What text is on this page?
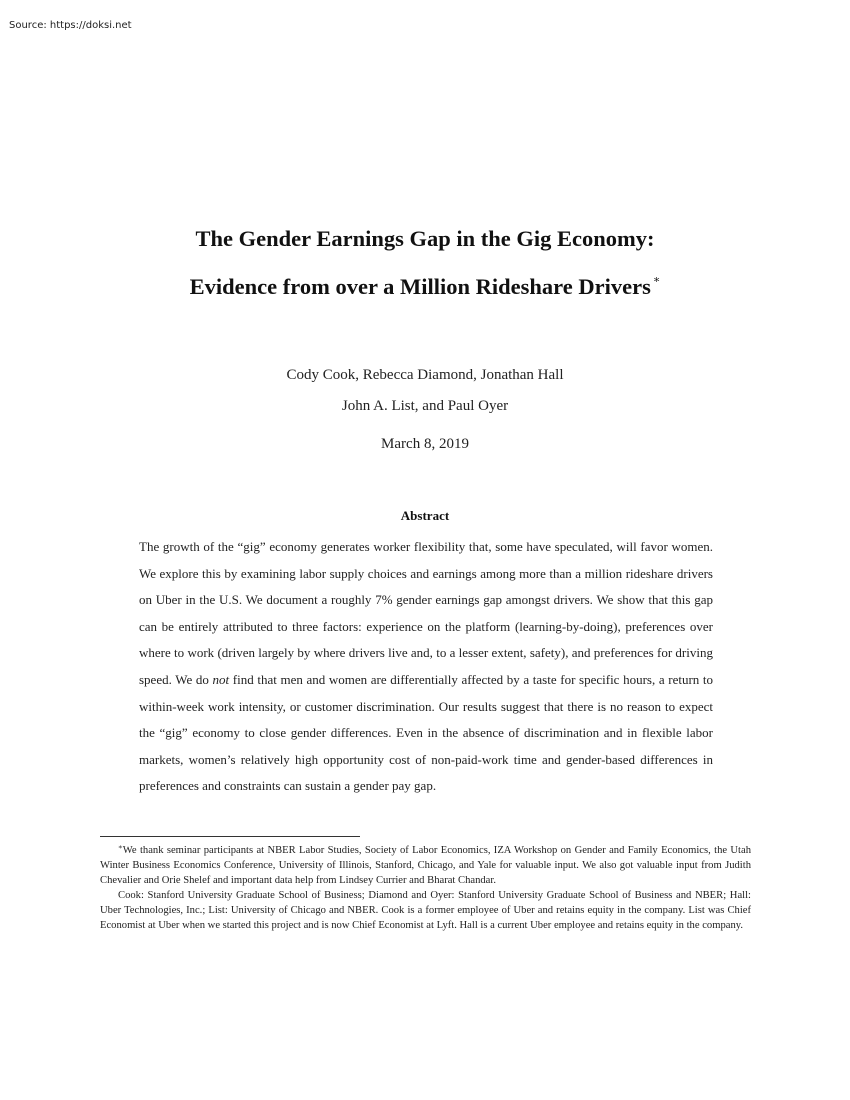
Source: https://doksi.net
The Gender Earnings Gap in the Gig Economy:
Evidence from over a Million Rideshare Drivers ∗
Cody Cook, Rebecca Diamond, Jonathan Hall
John A. List, and Paul Oyer
March 8, 2019
Abstract
The growth of the “gig” economy generates worker flexibility that, some have speculated, will favor women. We explore this by examining labor supply choices and earnings among more than a million rideshare drivers on Uber in the U.S. We document a roughly 7% gender earnings gap amongst drivers. We show that this gap can be entirely attributed to three factors: experience on the platform (learning-by-doing), preferences over where to work (driven largely by where drivers live and, to a lesser extent, safety), and preferences for driving speed. We do not find that men and women are differentially affected by a taste for specific hours, a return to within-week work intensity, or customer discrimination. Our results suggest that there is no reason to expect the “gig” economy to close gender differences. Even in the absence of discrimination and in flexible labor markets, women’s relatively high opportunity cost of non-paid-work time and gender-based differences in preferences and constraints can sustain a gender pay gap.

∗We thank seminar participants at NBER Labor Studies, Society of Labor Economics, IZA Workshop on Gender and Family Economics, the Utah Winter Business Economics Conference, University of Illinois, Stanford, Chicago, and Yale for valuable input. We also got valuable input from Judith Chevalier and Orie Shelef and important data help from Lindsey Currier and Bharat Chandar.

Cook: Stanford University Graduate School of Business; Diamond and Oyer: Stanford University Graduate School of Business and NBER; Hall: Uber Technologies, Inc.; List: University of Chicago and NBER. Cook is a former employee of Uber and retains equity in the company. List was Chief Economist at Uber when we started this project and is now Chief Economist at Lyft. Hall is a current Uber employee and retains equity in the company.
